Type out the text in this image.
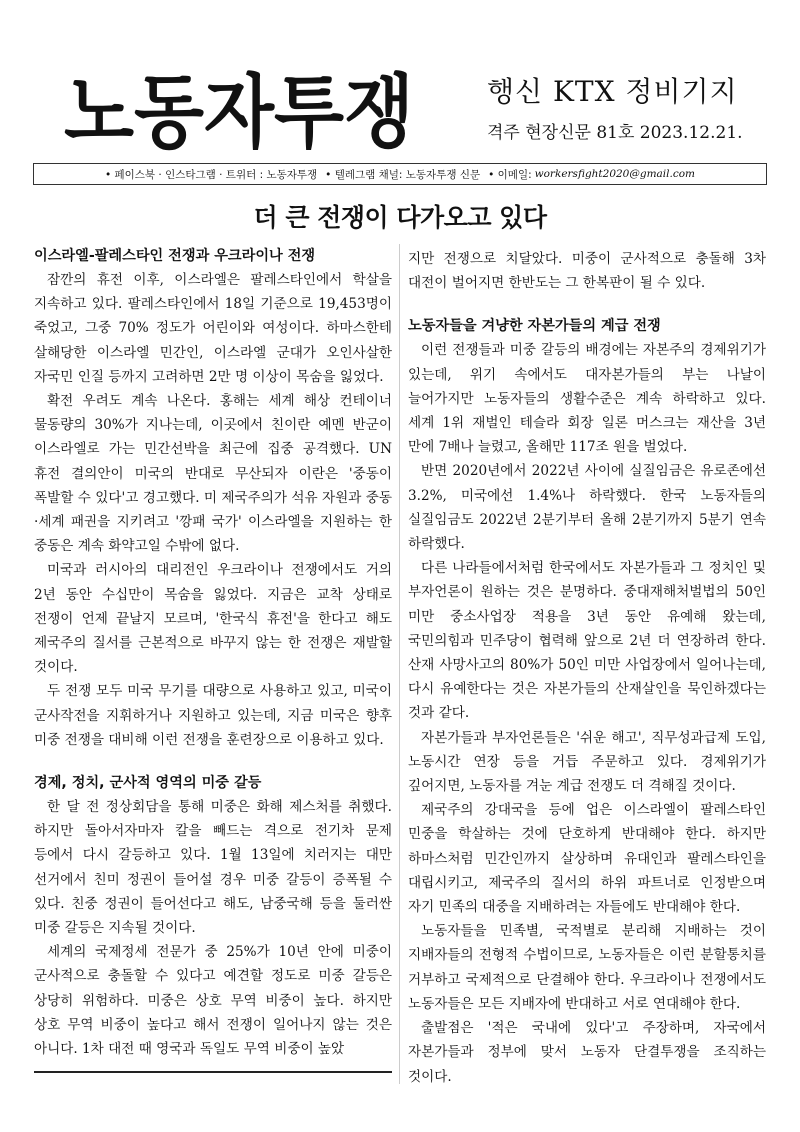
노동자투쟁	행신 KTX 정비기지
격주 현장신문 81호 2023.12.21.
• 페이스북 · 인스타그램 · 트위터 : 노동자투쟁 • 텔레그램 채널: 노동자투쟁 신문 • 이메일: workersfight2020@gmail.com
더 큰 전쟁이 다가오고 있다
이스라엘-팔레스타인 전쟁과 우크라이나 전쟁

잠깐의 휴전 이후, 이스라엘은 팔레스타인에서 학살을 지속하고 있다. 팔레스타인에서 18일 기준으로 19,453명이 죽었고, 그중 70% 정도가 어린이와 여성이다. 하마스한테 살해당한 이스라엘 민간인, 이스라엘 군대가 오인사살한 자국민 인질 등까지 고려하면 2만 명 이상이 목숨을 잃었다.

확전 우려도 계속 나온다. 홍해는 세계 해상 컨테이너 물동량의 30%가 지나는데, 이곳에서 친이란 예멘 반군이 이스라엘로 가는 민간선박을 최근에 집중 공격했다. UN 휴전 결의안이 미국의 반대로 무산되자 이란은 '중동이 폭발할 수 있다'고 경고했다. 미 제국주의가 석유 자원과 중동·세계 패권을 지키려고 '깡패 국가' 이스라엘을 지원하는 한 중동은 계속 화약고일 수밖에 없다.

미국과 러시아의 대리전인 우크라이나 전쟁에서도 거의 2년 동안 수십만이 목숨을 잃었다. 지금은 교착 상태로 전쟁이 언제 끝날지 모르며, '한국식 휴전'을 한다고 해도 제국주의 질서를 근본적으로 바꾸지 않는 한 전쟁은 재발할 것이다.

두 전쟁 모두 미국 무기를 대량으로 사용하고 있고, 미국이 군사작전을 지휘하거나 지원하고 있는데, 지금 미국은 향후 미중 전쟁을 대비해 이런 전쟁을 훈련장으로 이용하고 있다.

경제, 정치, 군사적 영역의 미중 갈등

한 달 전 정상회담을 통해 미중은 화해 제스처를 취했다. 하지만 돌아서자마자 칼을 빼드는 격으로 전기차 문제 등에서 다시 갈등하고 있다. 1월 13일에 치러지는 대만 선거에서 친미 정권이 들어설 경우 미중 갈등이 증폭될 수 있다. 친중 정권이 들어선다고 해도, 남중국해 등을 둘러싼 미중 갈등은 지속될 것이다.

세계의 국제정세 전문가 중 25%가 10년 안에 미중이 군사적으로 충돌할 수 있다고 예견할 정도로 미중 갈등은 상당히 위험하다. 미중은 상호 무역 비중이 높다. 하지만 상호 무역 비중이 높다고 해서 전쟁이 일어나지 않는 것은 아니다. 1차 대전 때 영국과 독일도 무역 비중이 높았

지만 전쟁으로 치달았다. 미중이 군사적으로 충돌해 3차 대전이 벌어지면 한반도는 그 한복판이 될 수 있다.

노동자들을 겨냥한 자본가들의 계급 전쟁

이런 전쟁들과 미중 갈등의 배경에는 자본주의 경제위기가 있는데, 위기 속에서도 대자본가들의 부는 나날이 늘어가지만 노동자들의 생활수준은 계속 하락하고 있다. 세계 1위 재벌인 테슬라 회장 일론 머스크는 재산을 3년 만에 7배나 늘렸고, 올해만 117조 원을 벌었다.

반면 2020년에서 2022년 사이에 실질임금은 유로존에선 3.2%, 미국에선 1.4%나 하락했다. 한국 노동자들의 실질임금도 2022년 2분기부터 올해 2분기까지 5분기 연속 하락했다.

다른 나라들에서처럼 한국에서도 자본가들과 그 정치인 및 부자언론이 원하는 것은 분명하다. 중대재해처벌법의 50인 미만 중소사업장 적용을 3년 동안 유예해 왔는데, 국민의힘과 민주당이 협력해 앞으로 2년 더 연장하려 한다. 산재 사망사고의 80%가 50인 미만 사업장에서 일어나는데, 다시 유예한다는 것은 자본가들의 산재살인을 묵인하겠다는 것과 같다.

자본가들과 부자언론들은 '쉬운 해고', 직무성과급제 도입, 노동시간 연장 등을 거듭 주문하고 있다. 경제위기가 깊어지면, 노동자를 겨눈 계급 전쟁도 더 격해질 것이다.

제국주의 강대국을 등에 업은 이스라엘이 팔레스타인 민중을 학살하는 것에 단호하게 반대해야 한다. 하지만 하마스처럼 민간인까지 살상하며 유대인과 팔레스타인을 대립시키고, 제국주의 질서의 하위 파트너로 인정받으며 자기 민족의 대중을 지배하려는 자들에도 반대해야 한다.

노동자들을 민족별, 국적별로 분리해 지배하는 것이 지배자들의 전형적 수법이므로, 노동자들은 이런 분할통치를 거부하고 국제적으로 단결해야 한다. 우크라이나 전쟁에서도 노동자들은 모든 지배자에 반대하고 서로 연대해야 한다.

출발점은 '적은 국내에 있다'고 주장하며, 자국에서 자본가들과 정부에 맞서 노동자 단결투쟁을 조직하는 것이다.
